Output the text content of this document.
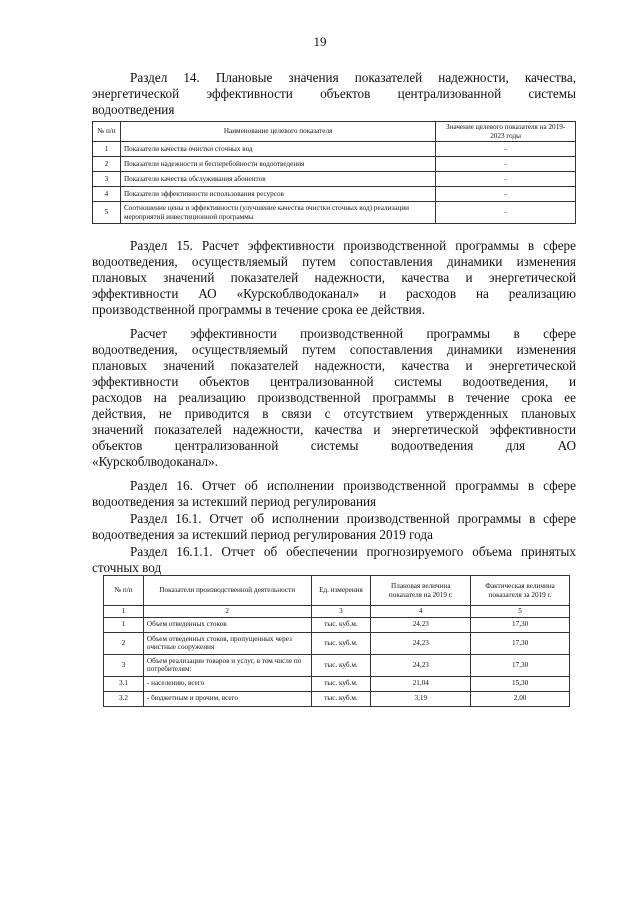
19
Раздел 14. Плановые значения показателей надежности, качества,
энергетической эффективности объектов централизованной системы
водоотведения
№ п/п	Наименование целевого показателя	Значение целевого показателя на 2019-2023 годы
1	Показатели качества очистки сточных вод	-
2	Показатели надежности и бесперебойности водоотведения	-
3	Показатели качества обслуживания абонентов	-
4	Показатели эффективности использования ресурсов	-
5	Соотношение цены и эффективности (улучшение качества очистки сточных вод) реализации мероприятий инвестиционной программы	-
Раздел 15. Расчет эффективности производственной программы в сфере
водоотведения, осуществляемый путем сопоставления динамики изменения
плановых значений показателей надежности, качества и энергетической
эффективности АО «Курскоблводоканал» и расходов на реализацию
производственной программы в течение срока ее действия.
Расчет эффективности производственной программы в сфере
водоотведения, осуществляемый путем сопоставления динамики изменения
плановых значений показателей надежности, качества и энергетической
эффективности объектов централизованной системы водоотведения, и
расходов на реализацию производственной программы в течение срока ее
действия, не приводится в связи с отсутствием утвержденных плановых
значений показателей надежности, качества и энергетической эффективности
объектов централизованной системы водоотведения для АО
«Курскоблводоканал».
Раздел 16. Отчет об исполнении производственной программы в сфере
водоотведения за истекший период регулирования
Раздел 16.1. Отчет об исполнении производственной программы в сфере
водоотведения за истекший период регулирования 2019 года
Раздел 16.1.1. Отчет об обеспечении прогнозируемого объема принятых
сточных вод
№ п/п	Показатели производственной деятельности	Ед. измерения	Плановая величина показателя на 2019 г.	Фактическая величина показателя за 2019 г.
1	2	3	4	5
1	Объем отведенных стоков	тыс. куб.м.	24,23	17,30
2	Объем отведенных стоков, пропущенных через очистные сооружения	тыс. куб.м.	24,23	17,30
3	Объем реализации товаров и услуг, в том числе по потребителям:	тыс. куб.м.	24,23	17,30
3.1	- населению, всего	тыс. куб.м.	21,04	15,30
3.2	- бюджетным и прочим, всего	тыс. куб.м.	3,19	2,00
